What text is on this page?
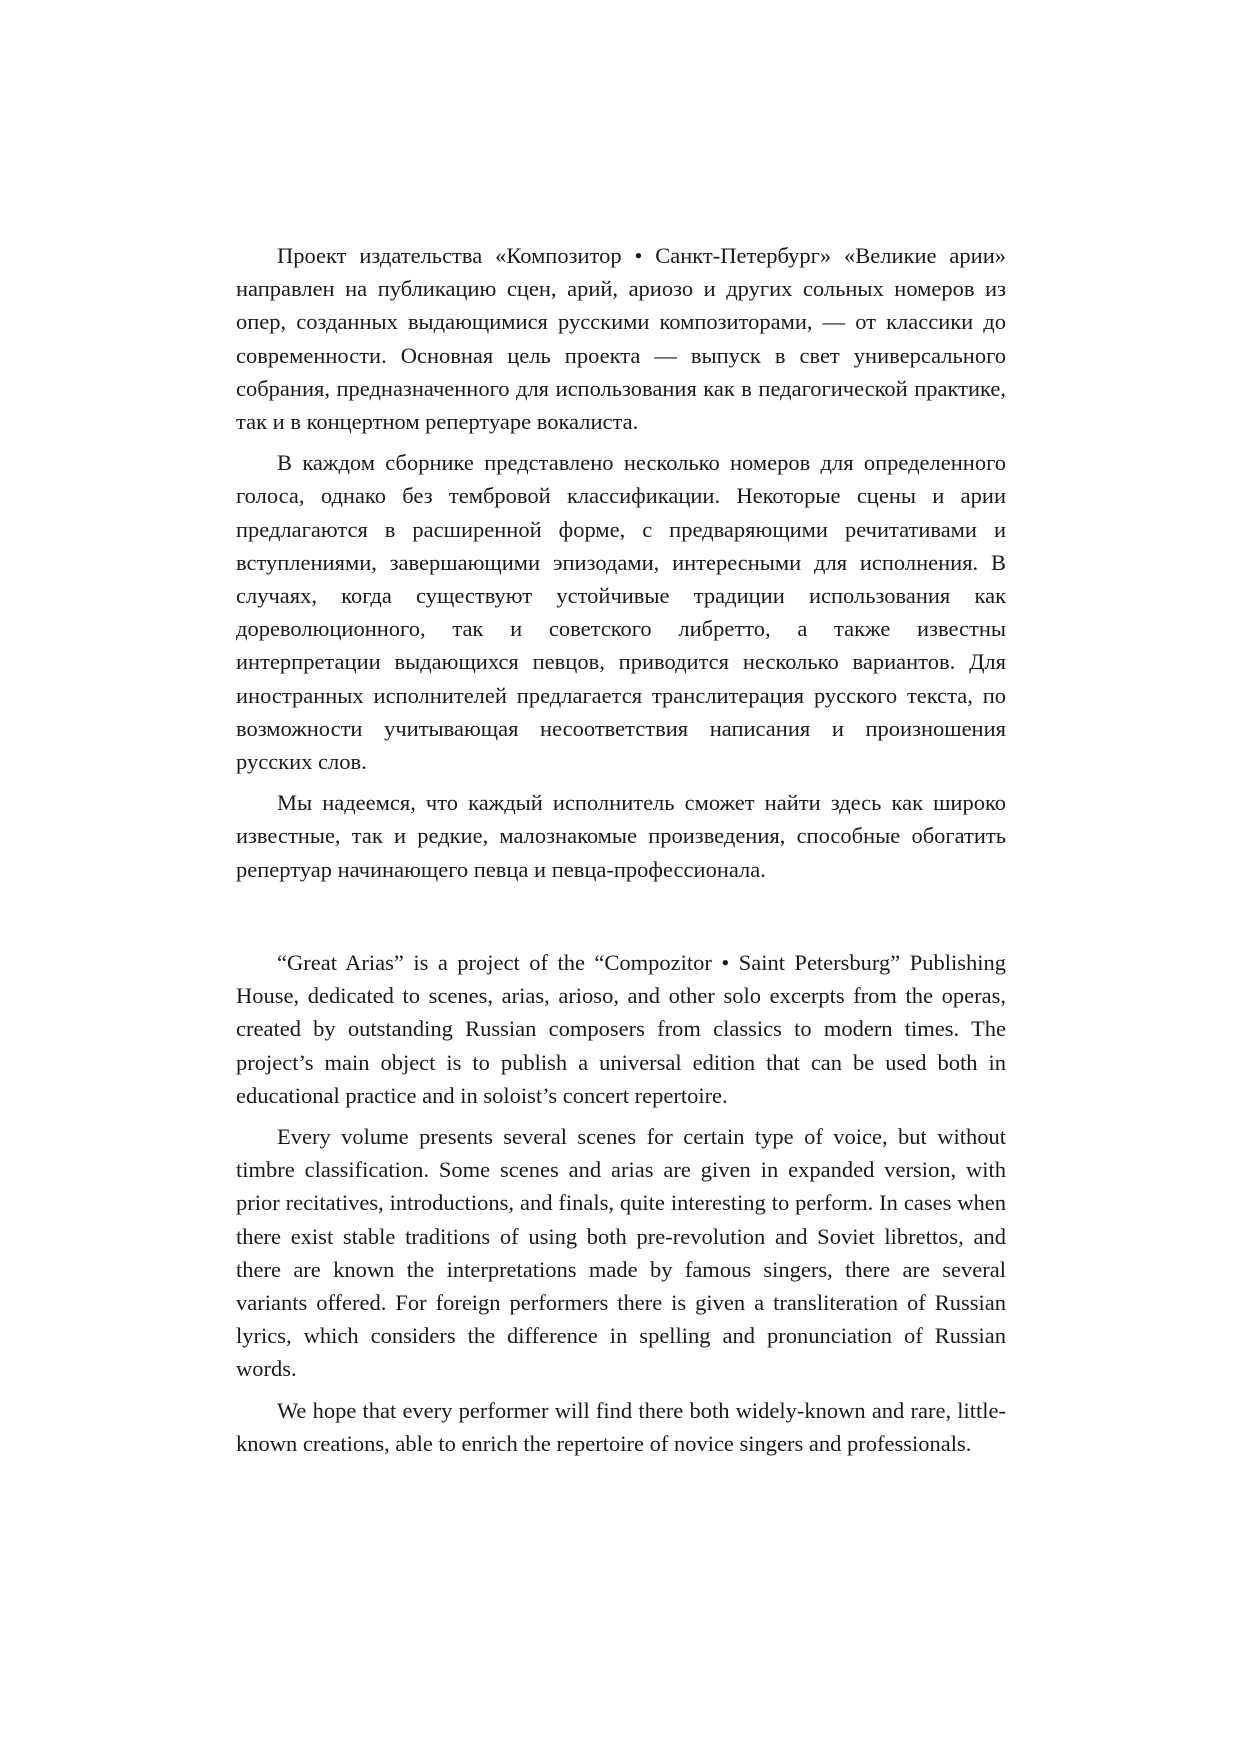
Проект издательства «Композитор • Санкт-Петербург» «Великие арии» направлен на публикацию сцен, арий, ариозо и других сольных номеров из опер, созданных выдающимися русскими композиторами, — от классики до современности. Основная цель проекта — выпуск в свет универсального собрания, предназначенного для использования как в педагогической практике, так и в концертном репертуаре вокалиста.

В каждом сборнике представлено несколько номеров для определенного голоса, однако без тембровой классификации. Некоторые сцены и арии предлагаются в расширенной форме, с предваряющими речитативами и вступлениями, завершающими эпизодами, интересными для исполнения. В случаях, когда существуют устойчивые традиции использования как дореволюционного, так и советского либретто, а также известны интерпретации выдающихся певцов, приводится несколько вариантов. Для иностранных исполнителей предлагается транслитерация русского текста, по возможности учитывающая несоответствия написания и произношения русских слов.

Мы надеемся, что каждый исполнитель сможет найти здесь как широко известные, так и редкие, малознакомые произведения, способные обогатить репертуар начинающего певца и певца-профессионала.

“Great Arias” is a project of the “Compozitor • Saint Petersburg” Publishing House, dedicated to scenes, arias, arioso, and other solo excerpts from the operas, created by outstanding Russian composers from classics to modern times. The project’s main object is to publish a universal edition that can be used both in educational practice and in soloist’s concert repertoire.

Every volume presents several scenes for certain type of voice, but without timbre classification. Some scenes and arias are given in expanded version, with prior recitatives, introductions, and finals, quite interesting to perform. In cases when there exist stable traditions of using both pre-revolution and Soviet librettos, and there are known the interpretations made by famous singers, there are several variants offered. For foreign performers there is given a transliteration of Russian lyrics, which considers the difference in spelling and pronunciation of Russian words.

We hope that every performer will find there both widely-known and rare, little-known creations, able to enrich the repertoire of novice singers and professionals.
